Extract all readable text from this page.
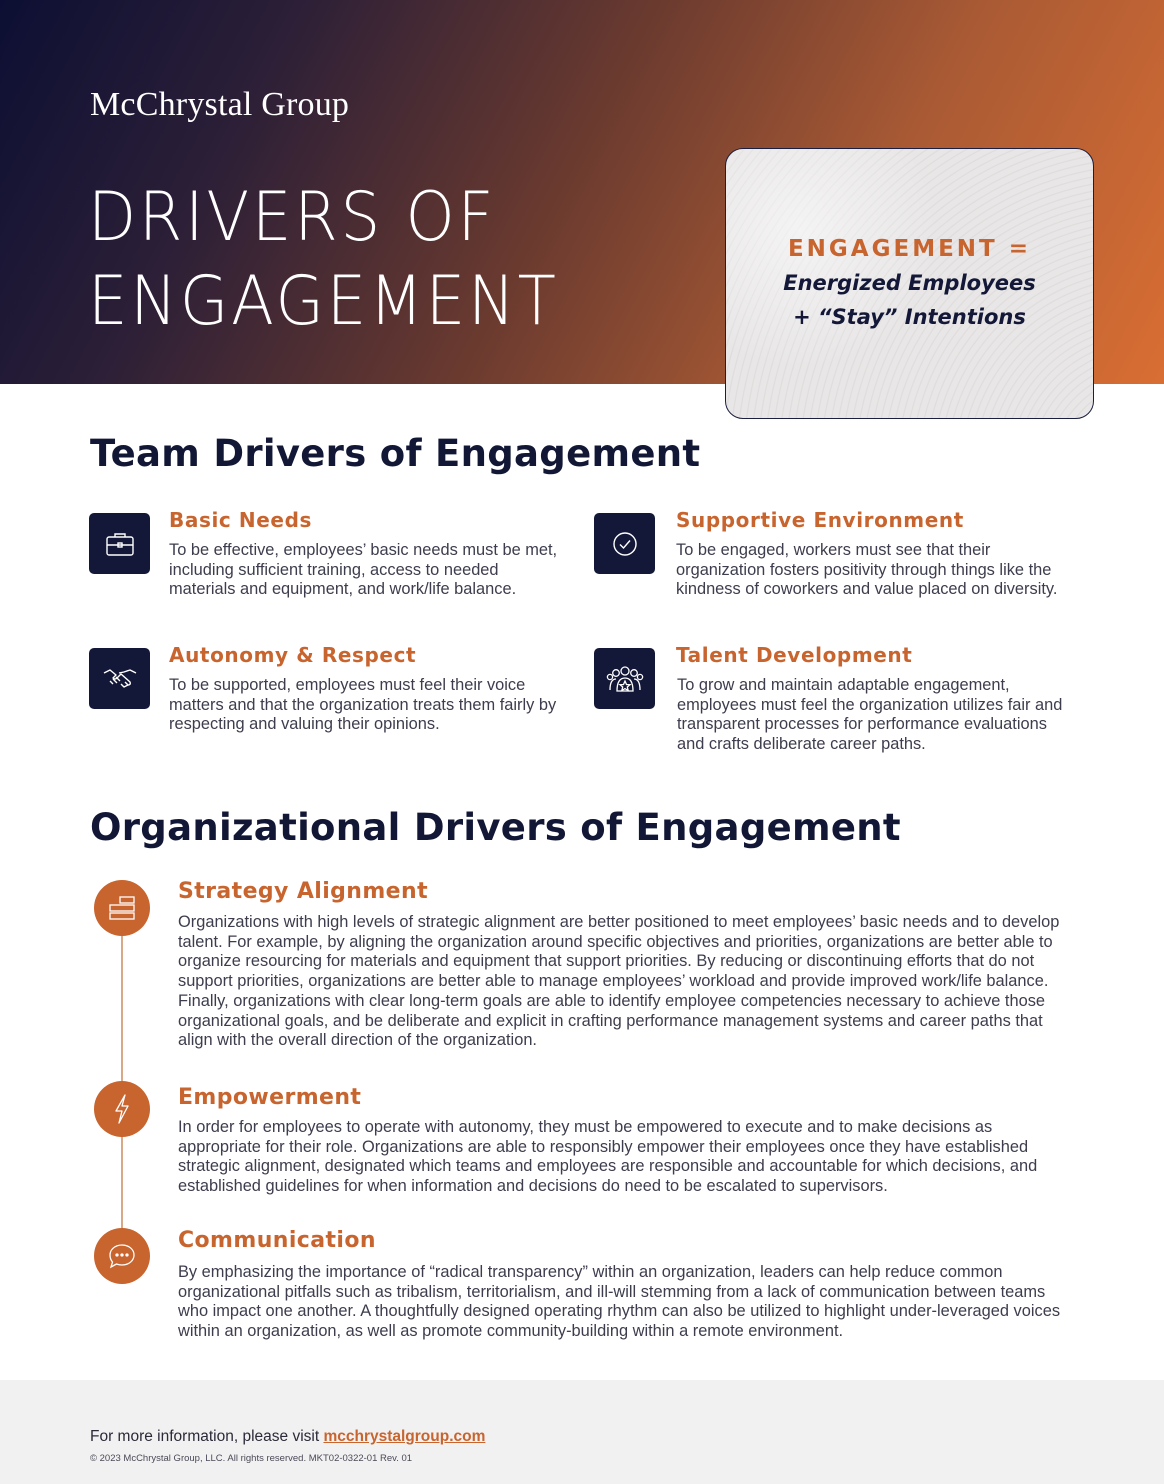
McChrystal Group
DRIVERS OF
ENGAGEMENT
ENGAGEMENT =
Energized Employees
+ “Stay” Intentions
Team Drivers of Engagement
Basic Needs
To be effective, employees’ basic needs must be met, including sufficient training, access to needed materials and equipment, and work/life balance.
Supportive Environment
To be engaged, workers must see that their organization fosters positivity through things like the kindness of coworkers and value placed on diversity.
Autonomy & Respect
To be supported, employees must feel their voice matters and that the organization treats them fairly by respecting and valuing their opinions.
Talent Development
To grow and maintain adaptable engagement, employees must feel the organization utilizes fair and transparent processes for performance evaluations and crafts deliberate career paths.
Organizational Drivers of Engagement
Strategy Alignment
Organizations with high levels of strategic alignment are better positioned to meet employees’ basic needs and to develop talent. For example, by aligning the organization around specific objectives and priorities, organizations are better able to organize resourcing for materials and equipment that support priorities. By reducing or discontinuing efforts that do not support priorities, organizations are better able to manage employees’ workload and provide improved work/life balance. Finally, organizations with clear long-term goals are able to identify employee competencies necessary to achieve those organizational goals, and be deliberate and explicit in crafting performance management systems and career paths that align with the overall direction of the organization.
Empowerment
In order for employees to operate with autonomy, they must be empowered to execute and to make decisions as appropriate for their role. Organizations are able to responsibly empower their employees once they have established strategic alignment, designated which teams and employees are responsible and accountable for which decisions, and established guidelines for when information and decisions do need to be escalated to supervisors.
Communication
By emphasizing the importance of “radical transparency” within an organization, leaders can help reduce common organizational pitfalls such as tribalism, territorialism, and ill-will stemming from a lack of communication between teams who impact one another. A thoughtfully designed operating rhythm can also be utilized to highlight under-leveraged voices within an organization, as well as promote community-building within a remote environment.
For more information, please visit mcchrystalgroup.com
© 2023 McChrystal Group, LLC. All rights reserved. MKT02-0322-01 Rev. 01
